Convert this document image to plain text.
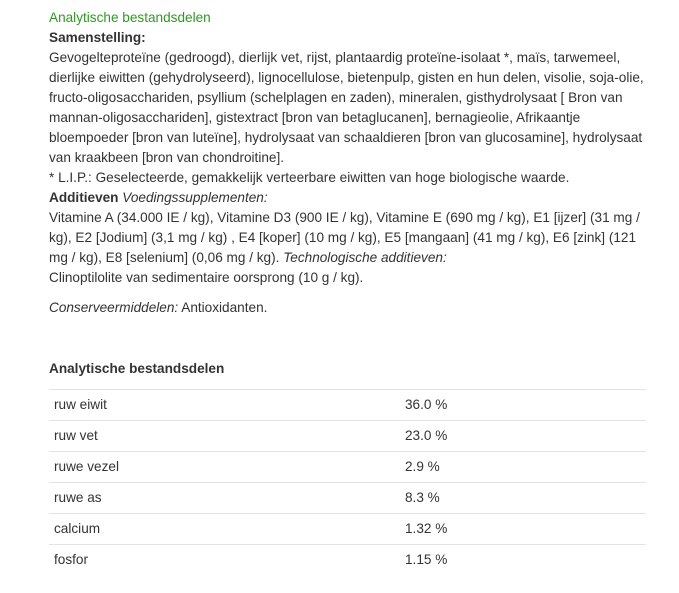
Analytische bestandsdelen

Samenstelling:

Gevogelteproteïne (gedroogd), dierlijk vet, rijst, plantaardig proteïne-isolaat *, maïs, tarwemeel, dierlijke eiwitten (gehydrolyseerd), lignocellulose, bietenpulp, gisten en hun delen, visolie, soja-olie, fructo-oligosacchariden, psyllium (schelplagen en zaden), mineralen, gisthydrolysaat [ Bron van mannan-oligosacchariden], gistextract [bron van betaglucanen], bernagieolie, Afrikaantje bloempoeder [bron van luteïne], hydrolysaat van schaaldieren [bron van glucosamine], hydrolysaat van kraakbeen [bron van chondroitine].

* L.I.P.: Geselecteerde, gemakkelijk verteerbare eiwitten van hoge biologische waarde.

Additieven Voedingssupplementen:
Vitamine A (34.000 IE / kg), Vitamine D3 (900 IE / kg), Vitamine E (690 mg / kg), E1 [ijzer] (31 mg / kg), E2 [Jodium] (3,1 mg / kg) , E4 [koper] (10 mg / kg), E5 [mangaan] (41 mg / kg), E6 [zink] (121 mg / kg), E8 [selenium] (0,06 mg / kg). Technologische additieven:
Clinoptilolite van sedimentaire oorsprong (10 g / kg).

Conserveermiddelen: Antioxidanten.

Analytische bestandsdelen
ruw eiwit	36.0 %
ruw vet	23.0 %
ruwe vezel	2.9 %
ruwe as	8.3 %
calcium	1.32 %
fosfor	1.15 %
